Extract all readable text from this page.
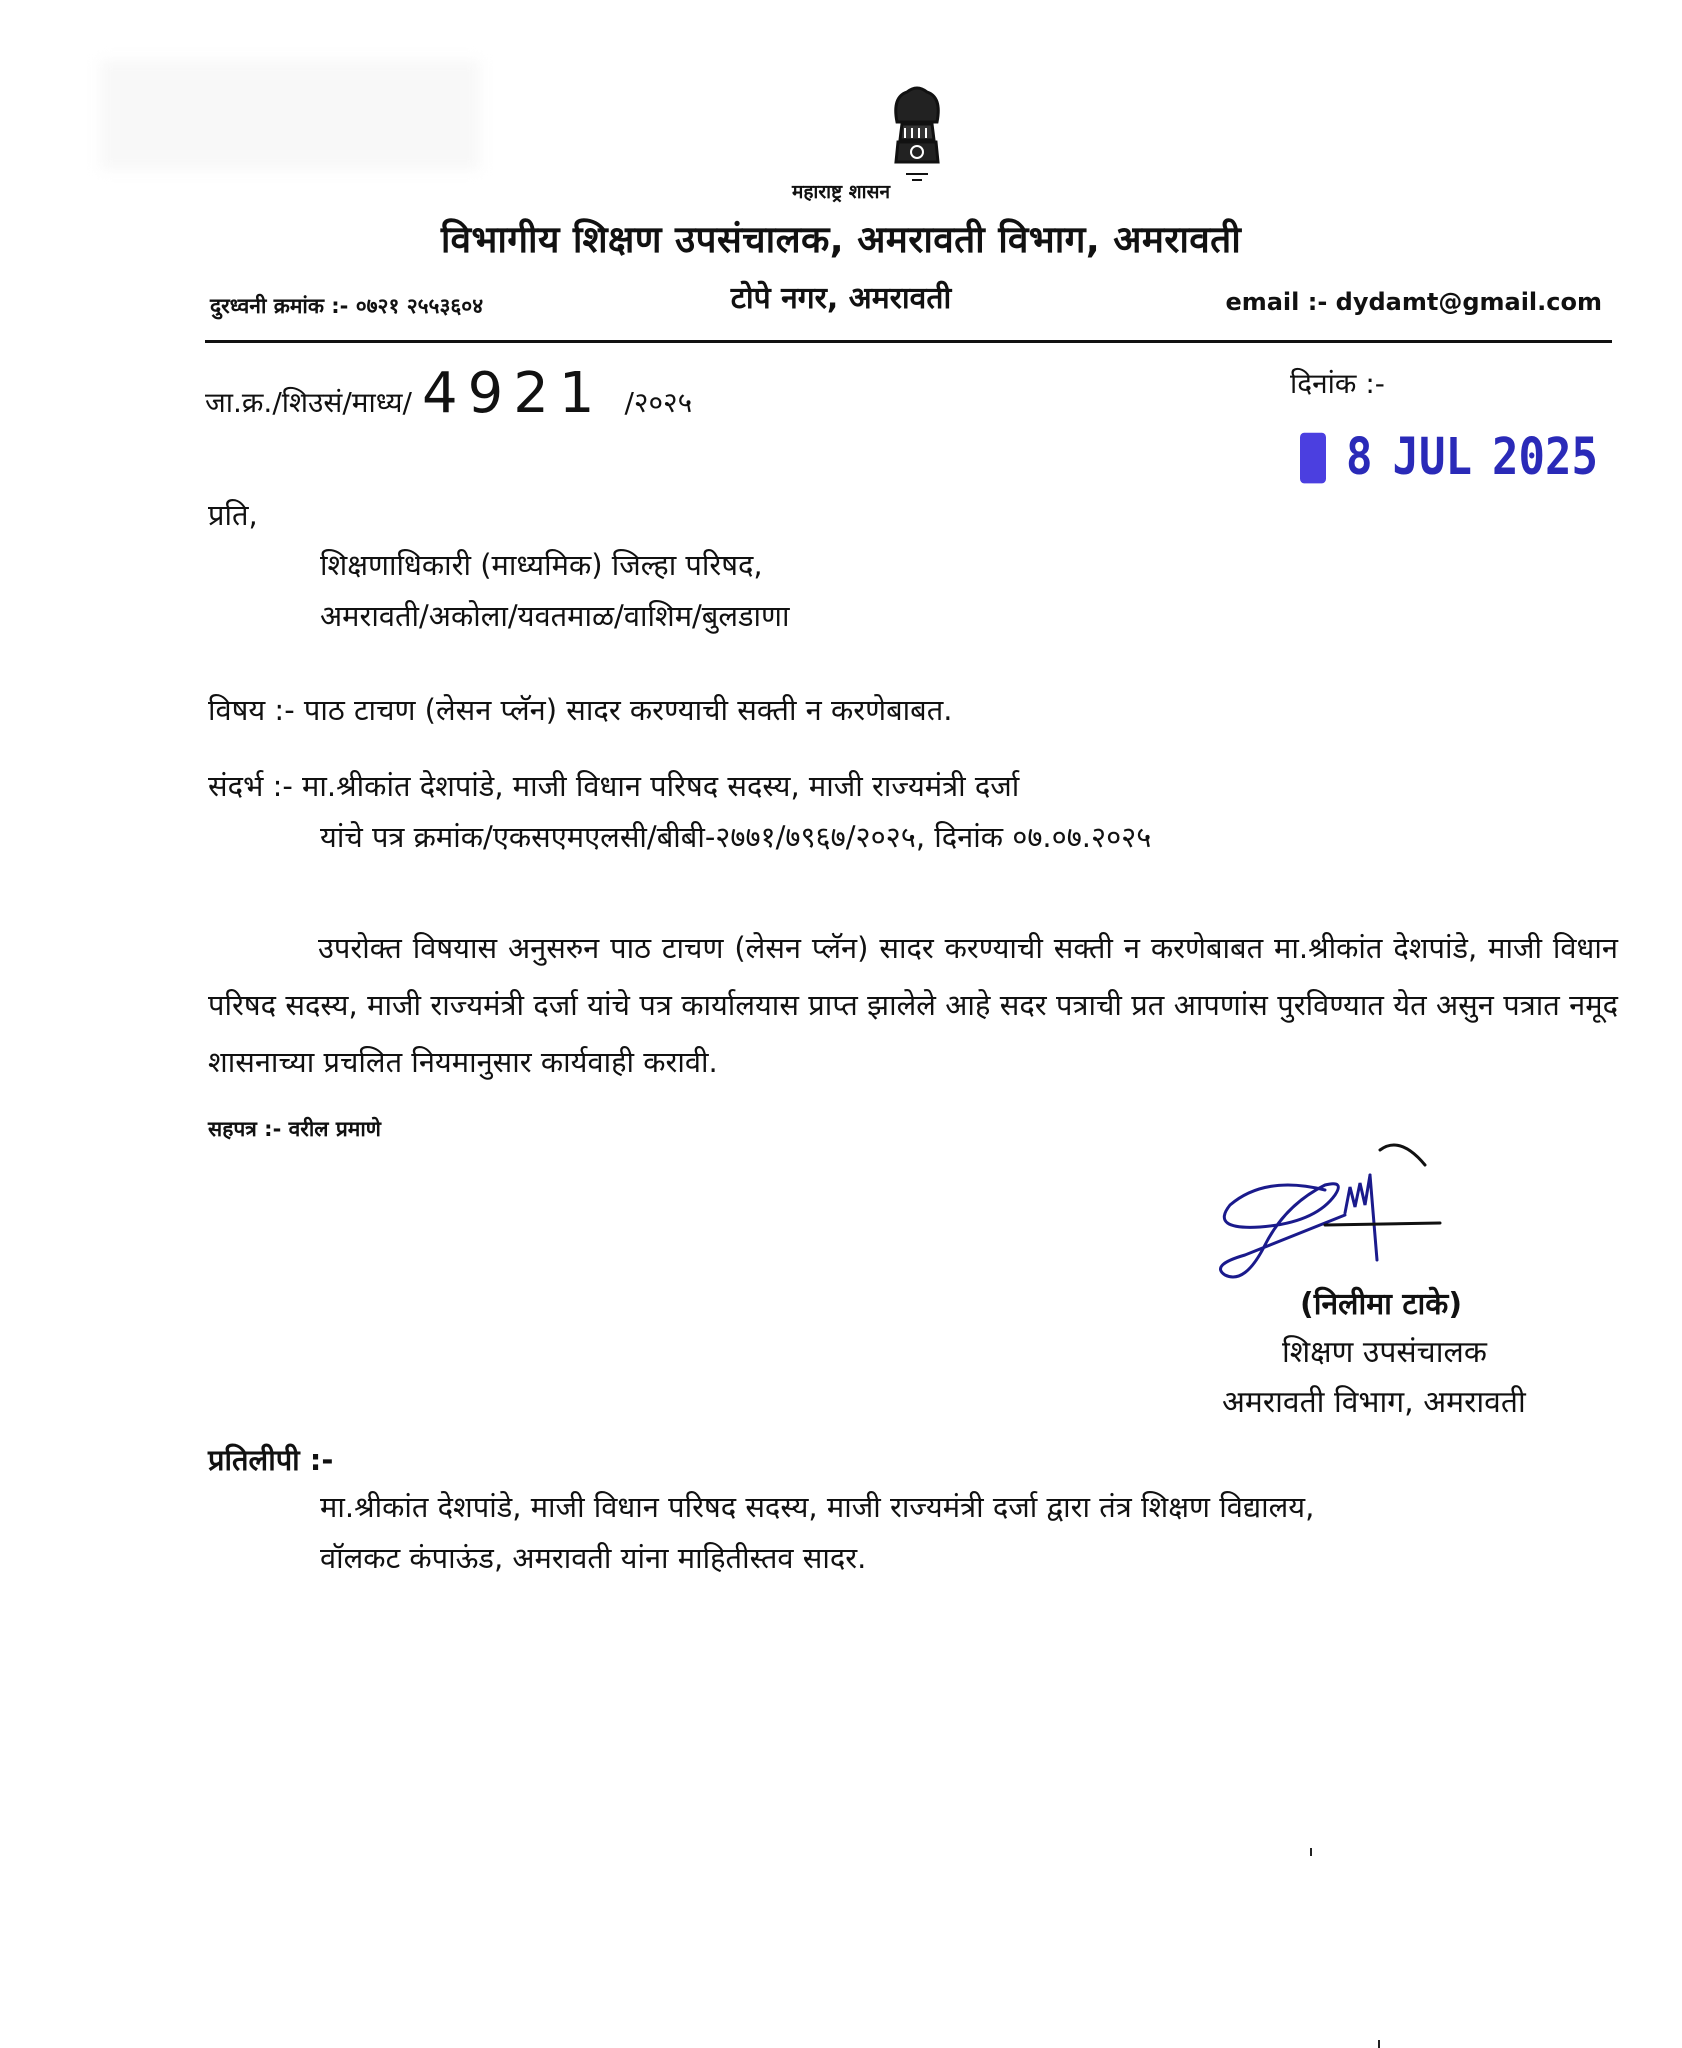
महाराष्ट्र शासन
विभागीय शिक्षण उपसंचालक, अमरावती विभाग, अमरावती
टोपे नगर, अमरावती
दुरध्वनी क्रमांक :- ०७२१ २५५३६०४	email :- dydamt@gmail.com
जा.क्र./शिउसं/माध्य/ 4921 /२०२५
दिनांक :-
8 JUL 2025
प्रति,
शिक्षणाधिकारी (माध्यमिक) जिल्हा परिषद,
अमरावती/अकोला/यवतमाळ/वाशिम/बुलडाणा
विषय :- पाठ टाचण (लेसन प्लॅन) सादर करण्याची सक्ती न करणेबाबत.
संदर्भ :- मा.श्रीकांत देशपांडे, माजी विधान परिषद सदस्य, माजी राज्यमंत्री दर्जा
यांचे पत्र क्रमांक/एकसएमएलसी/बीबी-२७७१/७९६७/२०२५, दिनांक ०७.०७.२०२५
उपरोक्त विषयास अनुसरुन पाठ टाचण (लेसन प्लॅन) सादर करण्याची सक्ती न करणेबाबत मा.श्रीकांत देशपांडे, माजी विधान परिषद सदस्य, माजी राज्यमंत्री दर्जा यांचे पत्र कार्यालयास प्राप्त झालेले आहे सदर पत्राची प्रत आपणांस पुरविण्यात येत असुन पत्रात नमूद शासनाच्या प्रचलित नियमानुसार कार्यवाही करावी.
सहपत्र :- वरील प्रमाणे
(निलीमा टाके)
शिक्षण उपसंचालक
अमरावती विभाग, अमरावती
प्रतिलीपी :-
मा.श्रीकांत देशपांडे, माजी विधान परिषद सदस्य, माजी राज्यमंत्री दर्जा द्वारा तंत्र शिक्षण विद्यालय,
वॉलकट कंपाऊंड, अमरावती यांना माहितीस्तव सादर.
